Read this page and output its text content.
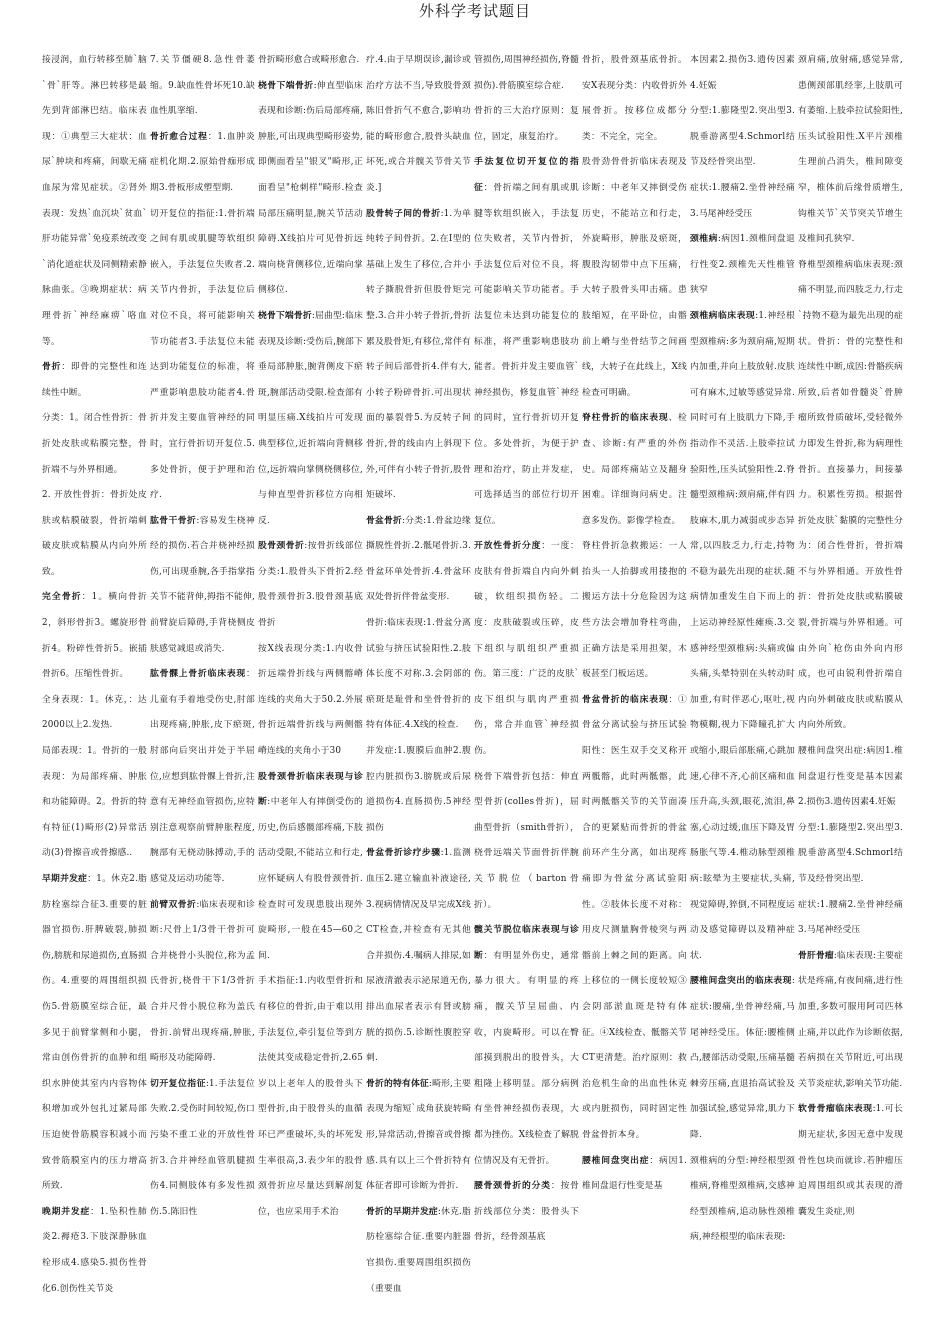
外科学考试题目

接浸润，血行转移至肺`脑`骨`肝等。淋巴转移是最先到背部淋巴结。临床表现：①典型三大症状：血尿`肿块和疼痛，间歇无痛血尿为常见症状。②肾外表现：发热`血沉块`贫血`肝功能异常`免疫系统改变`消化道症状及同侧精索静脉曲张。③晚期症状：病理骨折`神经麻痹`咯血等。

骨折：即骨的完整性和连续性中断。

分类：1。闭合性骨折：骨折处皮肤或粘膜完整，骨折端不与外界相通。

2. 开放性骨折：骨折处皮肤或粘膜破裂，骨折端刺破皮肤或粘膜从内向外所致。

完全骨折：1。横向骨折2，斜形骨折3。螺旋形骨折4。粉碎性骨折5。嵌插骨折6。压缩性骨折。

全身表现：1。休克，：达2000以上2.发热.

局部表现：1。骨折的一般表现：为局部疼痛、肿胀和功能障碍。2。骨折的特有特征(1)畸形(2)异常活动(3)骨擦音或骨擦感..

早期并发症：1。休克2.脂肪栓塞综合征3.重要的脏器官损伤.肝脾破裂,肺损伤,膀胱和尿道损伤,直肠损伤。4.重要的周围组织损伤5.骨筋膜室综合征，最多见于前臂掌侧和小腿，常由创伤骨折的血肿和组织水肿使其室内内容物体积增加或外包扎过紧局部压迫使骨筋膜容积减小而致骨筋膜室内的压力增高所致.

晚期并发症：1.坠积性肺炎2.褥疮3.下肢深静脉血栓形成4.感染5.损伤性骨化6.创伤性关节炎

7.关节僵硬8.急性骨萎缩。9.缺血性骨坏死10.缺血性肌挛缩.

骨折愈合过程：1.血肿炎症机化期.2.原始骨痂形成期3.骨板形成塑型期.

切开复位的指征:1.骨折端之间有肌或肌腱等软组织嵌入，手法复位失败者.2.关节内骨折，手法复位后对位不良，将可能影响关节功能者3.手法复位未能达到功能复位的标准，将严重影响患肢功能者4.骨折并发主要血管神经的同时，宜行骨折切开复位.5.多处骨折，便于护理和治疗.

肱骨干骨折:容易发生桡神经的损伤.若合并桡神经损伤,可出现垂腕,各手指掌指关节不能背伸,拇指不能伸,前臂旋后障碍,手背桡侧皮肤感觉减退或消失.

肱骨髁上骨折临床表现：儿童有手着地受伤史,肘部出现疼痛,肿胀,皮下瘀斑,肘部向后突出并处于半屈位,应想到肱骨髁上骨折,注意有无神经血管损伤,应特别注意观察前臂肿胀程度,腕部有无桡动脉搏动,手的感觉及运动功能等.

前臂双骨折:临床表现和诊断:尺骨上1/3骨干骨折可合并桡骨小头脱位,称为孟氏骨折,桡骨干下1/3骨折合并尺骨小脱位称为盖氏骨折.前臂出现疼痛,肿胀,畸形及功能障碍.

切开复位指征:1.手法复位失败.2.受伤时间较短,伤口污染不重工业的开放性骨折3.合并神经血管肌腱损伤4.同侧肢体有多发性损伤.5.陈旧性

骨折畸形愈合或畸形愈合.

桡骨下端骨折:伸直型临床表现和诊断:伤后局部疼痛,肿胀,可出现典型畸形姿势,即侧面看呈"银叉"畸形,正面看呈"枪刺样"畸形.检查局部压痛明显,腕关节活动障碍.X线拍片可见骨折远端向桡背侧移位,近端向掌侧移位.

桡骨下端骨折:屈曲型:临床表现及诊断:受伤后,腕部下垂局部肿胀,腕背侧皮下瘀斑,腕部活动受限.检查部有明显压痛.X线拍片可发现典型移位,近折端向背侧移位,远折端向掌侧桡侧移位,与伸直型骨折移位方向相反.

股骨颈骨折:按骨折线部位分类:1.股骨头下骨折2.经股骨颈骨折3.股骨颈基底骨折

按X线表现分类:1.内收骨折远端骨折线与两侧髂嵴连线的夹角大于50.2.外展骨折远端骨折线与两侧髂嵴连线的夹角小于30

股骨颈骨折临床表现与诊断:中老年人有摔倒受伤的历史,伤后感髋部疼痛,下肢活动受限,不能站立和行走,应怀疑病人有股骨颈骨折.检查时可发现患肢出现外旋畸形,一般在45—60之间.

手术指征:1.内收型骨折和有移位的骨折,由于难以用手法复位,牵引复位等到方法使其变成稳定骨折,2.65岁以上老年人的股骨头下型骨折,由于股骨头的血循环已严重破坏,头的坏死发生率很高,3.表少年的股骨颈骨折应尽量达到解剖复位，也应采用手术治

疗.4.由于早期误诊,漏诊或治疗方法不当,导致股骨颈陈旧骨折气不愈合,影响功能的畸形愈合,股骨头缺血坏死,或合并髋关节骨关节炎.]

股骨转子间的骨折:1.为单纯转子间骨折。2.在I型的基础上发生了移位,合并小转子撕脱骨折但股骨矩完整.3.合并小转子骨折,骨折累及股骨矩,有移位,常伴有转子间后部骨折4.伴有大,小转子粉碎骨折.可出现状面的暴裂骨5.为反转子间骨折,骨的线由内上斜现下外,可伴有小转子骨折,股骨矩破坏.

骨盆骨折:分类:1.骨盆边缘撕脱性骨折.2.骶尾骨折.3.骨盆环单处骨折.4.骨盆环双处骨折伴骨盆变形.

骨折:临床表现:1.骨盆分离试验与挤压试验阳性.2.肢体长度不对称.3.会阴部的瘀斑是耻骨和坐骨骨折的特有体征.4.X线的检查.

并发症:1.腹膜后血肿2.腹腔内脏损伤3.膀胱或后尿道损伤4.直肠损伤.5神经损伤

骨盆骨折诊疗步骤:1.监测血压2.建立输血补液途径,3.视病情情况及早完成X线CT检查,并检查有无其他合并损伤.4.嘱病人排尿,如尿液清澈表示泌尿道无伤,排出血尿者表示有肾或膀胱的损伤.5.诊断性腹腔穿刺.

骨折的特有体征:畸形,主要表现为缩短`成角获旋转畸形,异常活动,骨擦音或骨擦感.具有以上三个骨折特有体征者即可诊断为骨折.

骨折的早期并发症:休克.脂肪栓塞综合征.重要内脏器官损伤.重要周围组织损伤（重要血

管损伤,周围神经损伤,脊髓损伤).骨筋膜室综合症.

骨折的三大治疗原则：复位，固定，康复治疗。

手法复位切开复位的指征：骨折端之间有肌或肌腱等软组织嵌入，手法复位失败者，关节内骨折，手法复位后对位不良，将可能影响关节功能者。手法复位未达到功能复位的标准，将严重影响患肢功能者。骨折并发主要血管`神经损伤，修复血管`神经的同时，宜行骨折切开复位。多处骨折，为便于护理和治疗，防止并发症，可选择适当的部位行切开复位。

开放性骨折分度：一度：皮肤有骨折端自内向外刺破，软组织损伤轻。二度：皮肤破裂或压碎，皮下组织与肌组织严重损伤。第三度：广泛的皮肤`皮下组织与肌肉严重损伤，常合并血管`神经损伤。

桡骨下端骨折包括：伸直型骨折(colles骨折)，屈曲型骨折（smith骨折），桡骨远端关节面骨折伴腕关节脱位（barton骨折）。

髋关节脱位临床表现与诊断：有明显外伤史，通常暴力很大。有明显的疼痛，髋关节呈屈曲、内收，内旋畸形。可以在臀部摸到脱出的股骨头，大粗隆上移明显。部分病例有坐骨神经损伤表现，大都为挫伤。X线检查了解脱位情况及有无骨折。

腰骨颈骨折的分类：按骨折线部位分类：股骨头下骨折，经骨颈基底

骨折，股骨颈基底骨折。安X表现分类：内收骨折外展骨折。按移位成都分类：不完全，完全。

股骨劲骨骨折临床表现及诊断：中老年又摔倒受伤历史，不能站立和行走，外旋畸形，肿胀及瘀斑，腹股沟韧带中点下压痛，大转子股骨头叩击痛。患肢缩短，在平卧位，由髂前上嵴与坐骨结节之间画线，大转子在此线上，X线检查可明确。

脊柱骨折的临床表现、检查、诊断:有严重的外伤史。局部疼痛站立及翻身困难。详细询问病史。注意多发伤。影像学检查。

脊柱骨折急救搬运：一人抬头一人抬脚或用搂抱的搬运方法十分危险因为这些方法会增加脊柱弯曲，正确方法是采用担架，木板甚至门板运送。

骨盆骨折的临床表现：①骨盆分离试验与挤压试验阳性：医生双手交叉称开两骶髂，此时两骶髂，此时两骶髂关节的关节面凑合的更紧贴而骨折的骨盆前环产生分离，如出现疼痛即为骨盆分离试验阳性。②肢体长度不对称：用皮尺测量胸骨棱突与两髂前上棘之间的距离。向上移位的一侧长度较短③会阴部淤血斑是特有体征。④X线检查、骶髂关节CT更清楚。治疗原则：救治危机生命的出血性休克或内脏损伤，同时固定性骨盆骨折本身。

腰椎间盘突出症：病因1.椎间盘退行性变是基

本因素2.损伤3.遗传因素4.妊娠

分型:1.膨隆型2.突出型3.脱垂游离型4.Schmorl结节及经骨突出型.

症状:1.腰痛2.坐骨神经痛3.马尾神经受压

颈椎病:病因1.颈椎间盘退行性变2.颈椎先天性椎管狭窄

颈椎病临床表现:1.神经根型颈椎病:多为颈肩痛,短期内加重,并向上肢放射.皮肤可有麻木,过敏等感觉异常.同时可有上肢肌力下降,手指动作不灵活.上肢牵拉试验阳性,压头试验阳性.2.脊髓型颈椎病:颈肩痛,伴有四肢麻木,肌力减弱或步态异常,以四肢乏力,行走,持物不稳为最先出现的症状.随病情加重发生自下而上的上运动神经原性瘫痪.3.交感神经型颈椎病:头痛或偏头痛,头晕特别在头转动时加重,有时伴恶心,呕吐,视物模糊,视力下降瞳孔扩大或缩小,眼后部胀痛,心跳加速,心律不齐,心前区痛和血压升高,头颈,眼花,流泪,鼻塞,心动过缓,血压下降及胃肠胀气等.4.椎动脉型颈椎病:眩晕为主要症状,头痛,视觉障碍,猝倒,不同程度运动及感觉障碍以及精神症状.

腰椎间盘突出的临床表现:症状:腰痛,坐骨神经痛,马尾神经受压。体征:腰椎侧凸,腰部活动受限,压痛基髓棘旁压痛,直退抬高试验及加强试验,感觉异常,肌力下降.

颈椎病的分型:神经根型颈椎病,脊椎型颈椎病,交感神经型颈椎病,追动脉性颈椎病,神经根型的临床表现:

颈肩痛,放射痛,感觉异常,患侧颈部肌经挛,上肢肌可有萎缩.上肢牵拉试验阳性,压头试验阳性.X平片颈椎生理前凸消失，椎间隙变窄，椎体前后缘骨质增生,钩椎关节`关节突关节增生及椎间孔狭窄.

脊椎型颈椎病临床表现:颈痛不明显,而四肢乏力,行走`持物不稳为最先出现的症状。骨折：骨的完整性和连续性中断,成因:骨骼疾病所致,后者如骨髓炎`骨肿瘤所致骨质破坏,受轻微外力即发生骨折,称为病理性骨折。直接暴力，间接暴力。积累性劳损。根据骨折处皮肤`黏膜的完整性分为：闭合性骨折，骨折端不与外界相通。开放性骨折：骨折处皮肤或粘膜破裂,骨折端与外界相通。可由外向`枪伤由外向内形成，也可由锐利骨折端自内向外刺破皮肤或粘膜从内向外所致。

腰椎间盘突出症:病因1.椎间盘退行性变是基本因素2.损伤3.遗传因素4.妊娠

分型:1.膨隆型2.突出型3.脱垂游离型4.Schmorl结节及经骨突出型.

症状:1.腰痛2.坐骨神经痛3.马尾神经受压

骨肝骨瘤:临床表现:主要症状是疼痛,有夜间痛,进行性加重,多数可服用阿司匹林止痛,并以此作为诊断依据,若病损在关节附近,可出现关节炎症状,影响关节功能.

软骨骨瘤临床表现:1.可长期无症状,多因无意中发现骨性包块而就诊.若肿瘤压迫周围组织或其表现的滑囊发生炎症,则
